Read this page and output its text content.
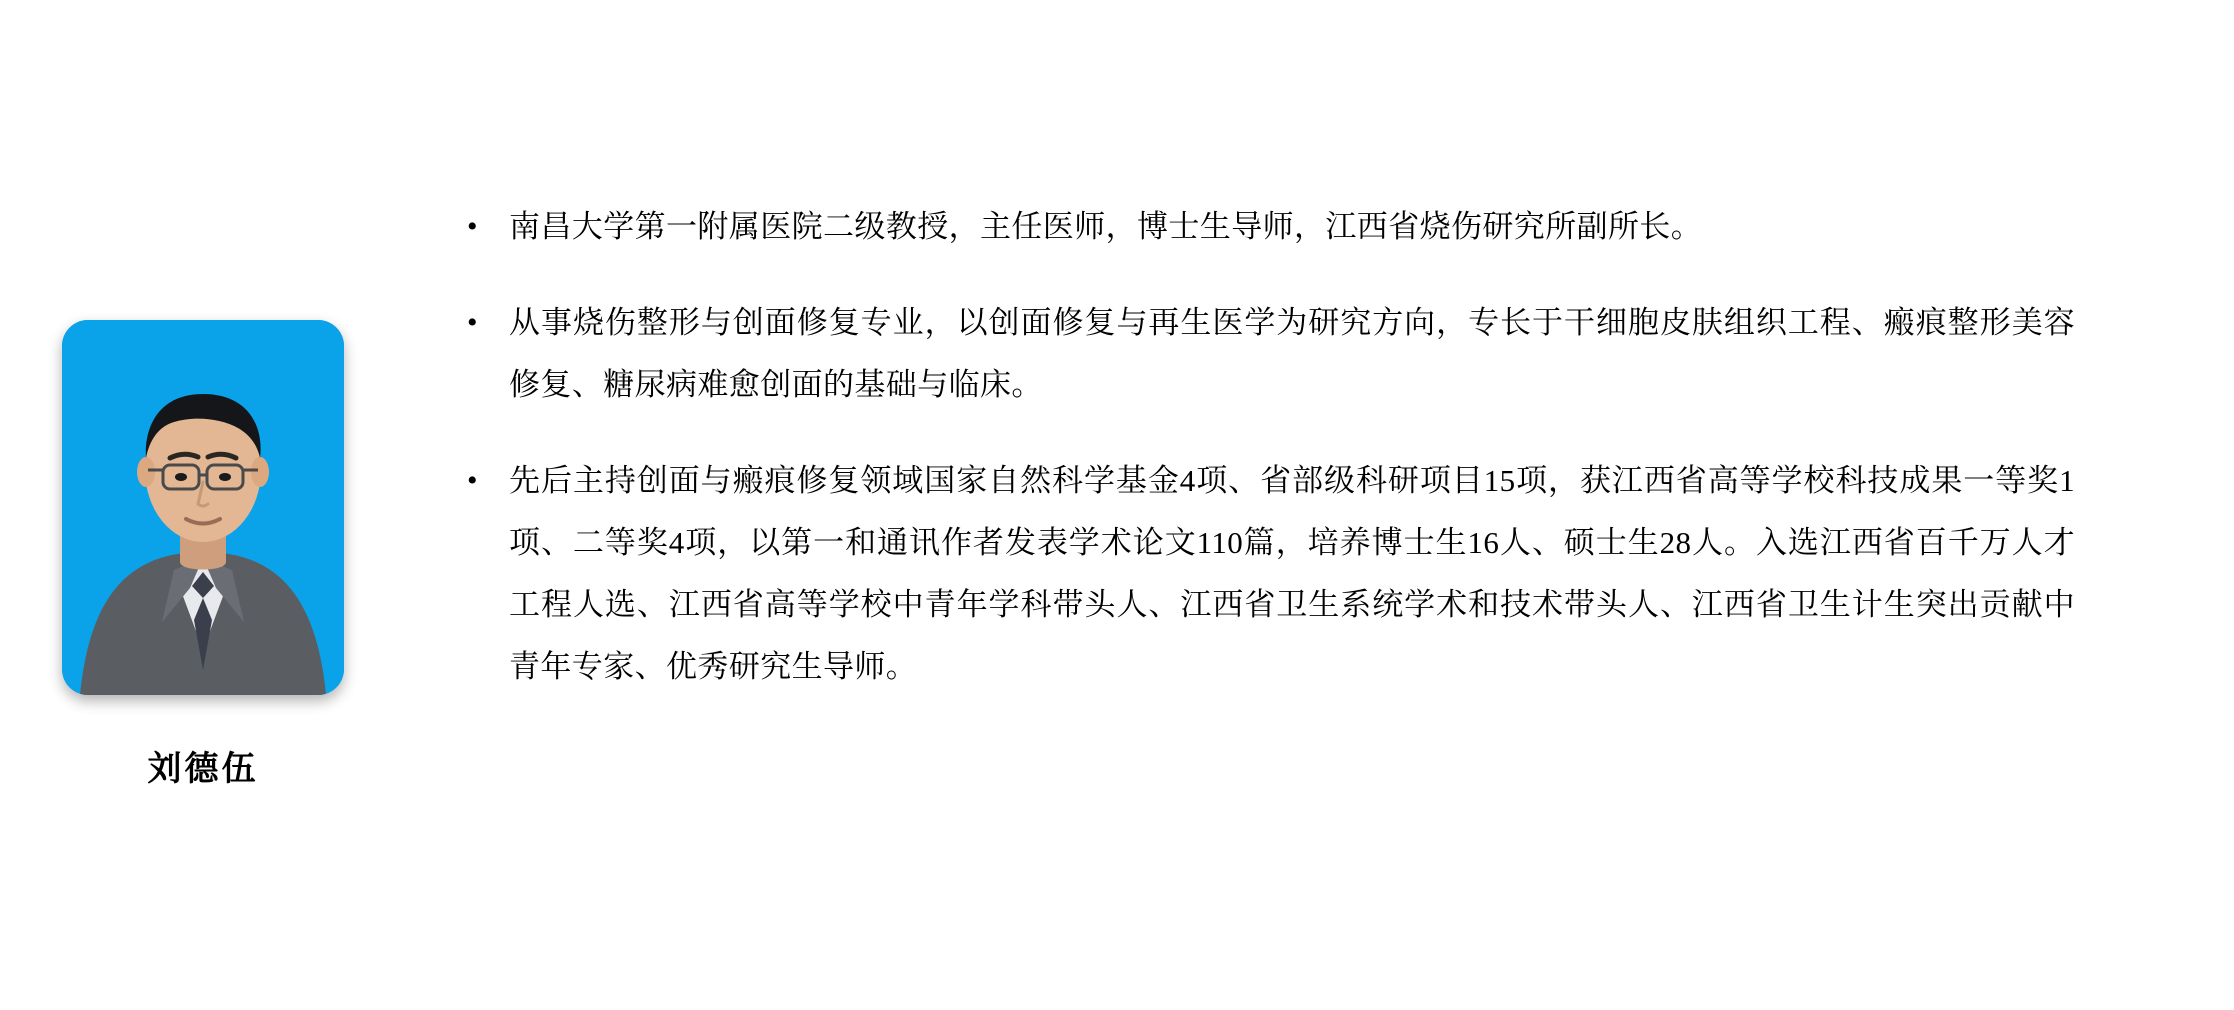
刘德伍
•	南昌大学第一附属医院二级教授，主任医师，博士生导师，江西省烧伤研究所副所长。
•	从事烧伤整形与创面修复专业，以创面修复与再生医学为研究方向，专长于干细胞皮肤组织工程、瘢痕整形美容修复、糖尿病难愈创面的基础与临床。
•	先后主持创面与瘢痕修复领域国家自然科学基金4项、省部级科研项目15项，获江西省高等学校科技成果一等奖1项、二等奖4项，以第一和通讯作者发表学术论文110篇，培养博士生16人、硕士生28人。入选江西省百千万人才工程人选、江西省高等学校中青年学科带头人、江西省卫生系统学术和技术带头人、江西省卫生计生突出贡献中青年专家、优秀研究生导师。
